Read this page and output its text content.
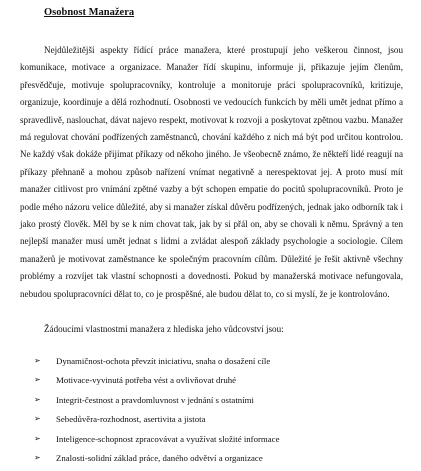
Osobnost Manažera

Nejdůležitější aspekty řídící práce manažera, které prostupují jeho veškerou činnost, jsou komunikace, motivace a organizace. Manažer řídí skupinu, informuje ji, přikazuje jejím členům, přesvědčuje, motivuje spolupracovníky, kontroluje a monitoruje práci spolupracovníků, kritizuje, organizuje, koordinuje a dělá rozhodnutí. Osobnosti ve vedoucích funkcích by měli umět jednat přímo a spravedlivě, naslouchat, dávat najevo respekt, motivovat k rozvoji a poskytovat zpětnou vazbu. Manažer má regulovat chování podřízených zaměstnanců, chování každého z nich má být pod určitou kontrolou. Ne každý však dokáže přijímat příkazy od někoho jiného. Je všeobecně známo, že někteří lidé reagují na příkazy přehnaně a mohou způsob nařízení vnímat negativně a nerespektovat jej. A proto musí mít manažer citlivost pro vnímání zpětné vazby a být schopen empatie do pocitů spolupracovníků. Proto je podle mého názoru velice důležité, aby si manažer získal důvěru podřízených, jednak jako odborník tak i jako prostý člověk. Měl by se k nim chovat tak, jak by si přál on, aby se chovali k němu. Správný a ten nejlepší manažer musí umět jednat s lidmi a zvládat alespoň základy psychologie a sociologie. Cílem manažerů je motivovat zaměstnance ke společným pracovním cílům. Důležité je řešit aktivně všechny problémy a rozvíjet tak vlastní schopnosti a dovednosti. Pokud by manažerská motivace nefungovala, nebudou spolupracovníci dělat to, co je prospěšné, ale budou dělat to, co si myslí, že je kontrolováno.

Žádoucími vlastnostmi manažera z hlediska jeho vůdcovství jsou:
➢	Dynamičnost-ochota převzít iniciativu, snaha o dosažení cíle
➢	Motivace-vyvinutá potřeba vést a ovlivňovat druhé
➢	Integrit-čestnost a pravdomluvnost v jednání s ostatními
➢	Sebedůvěra-rozhodnost, asertivita a jistota
➢	Inteligence-schopnost zpracovávat a využívat složité informace
➢	Znalosti-solidní základ práce, daného odvětví a organizace
